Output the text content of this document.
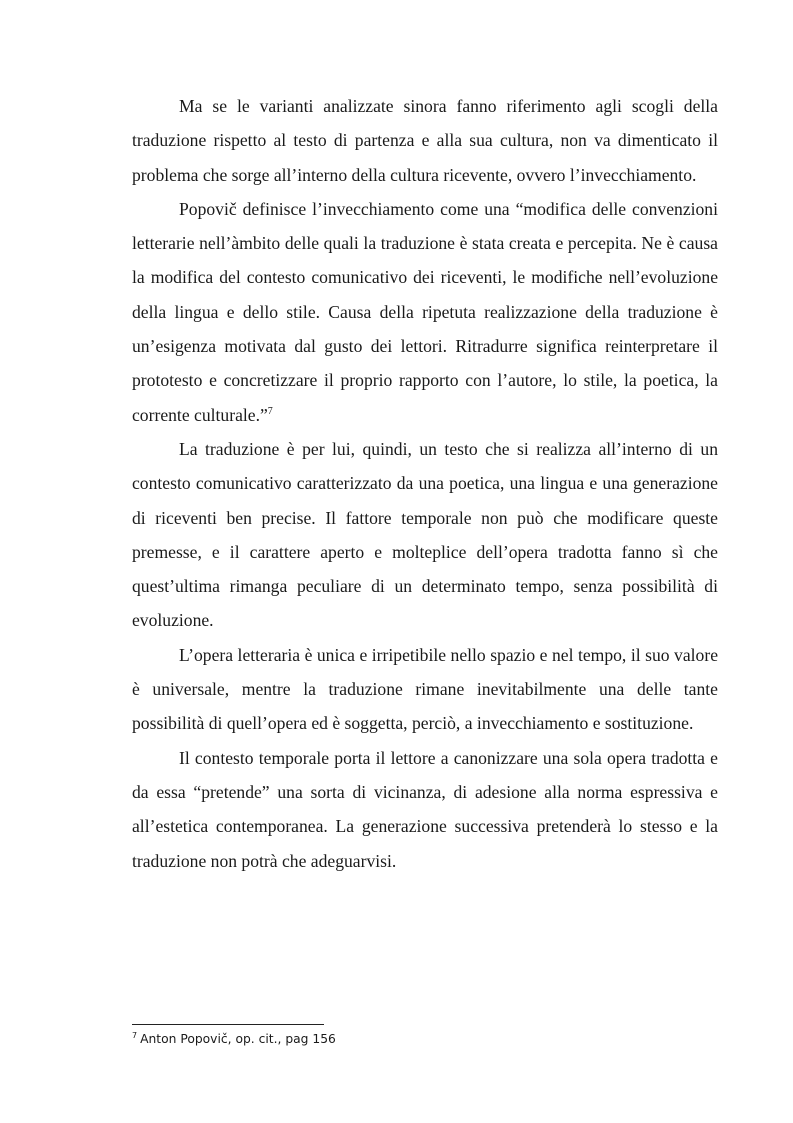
Ma se le varianti analizzate sinora fanno riferimento agli scogli della traduzione rispetto al testo di partenza e alla sua cultura, non va dimenticato il problema che sorge all’interno della cultura ricevente, ovvero l’invecchiamento.

Popovič definisce l’invecchiamento come una “modifica delle convenzioni letterarie nell’àmbito delle quali la traduzione è stata creata e percepita. Ne è causa la modifica del contesto comunicativo dei riceventi, le modifiche nell’evoluzione della lingua e dello stile. Causa della ripetuta realizzazione della traduzione è un’esigenza motivata dal gusto dei lettori. Ritradurre significa reinterpretare il prototesto e concretizzare il proprio rapporto con l’autore, lo stile, la poetica, la corrente culturale.”$^7$

La traduzione è per lui, quindi, un testo che si realizza all’interno di un contesto comunicativo caratterizzato da una poetica, una lingua e una generazione di riceventi ben precise. Il fattore temporale non può che modificare queste premesse, e il carattere aperto e molteplice dell’opera tradotta fanno sì che quest’ultima rimanga peculiare di un determinato tempo, senza possibilità di evoluzione.

L’opera letteraria è unica e irripetibile nello spazio e nel tempo, il suo valore è universale, mentre la traduzione rimane inevitabilmente una delle tante possibilità di quell’opera ed è soggetta, perciò, a invecchiamento e sostituzione.

Il contesto temporale porta il lettore a canonizzare una sola opera tradotta e da essa “pretende” una sorta di vicinanza, di adesione alla norma espressiva e all’estetica contemporanea. La generazione successiva pretenderà lo stesso e la traduzione non potrà che adeguarvisi.

$^7$ Anton Popovič, op. cit., pag 156
